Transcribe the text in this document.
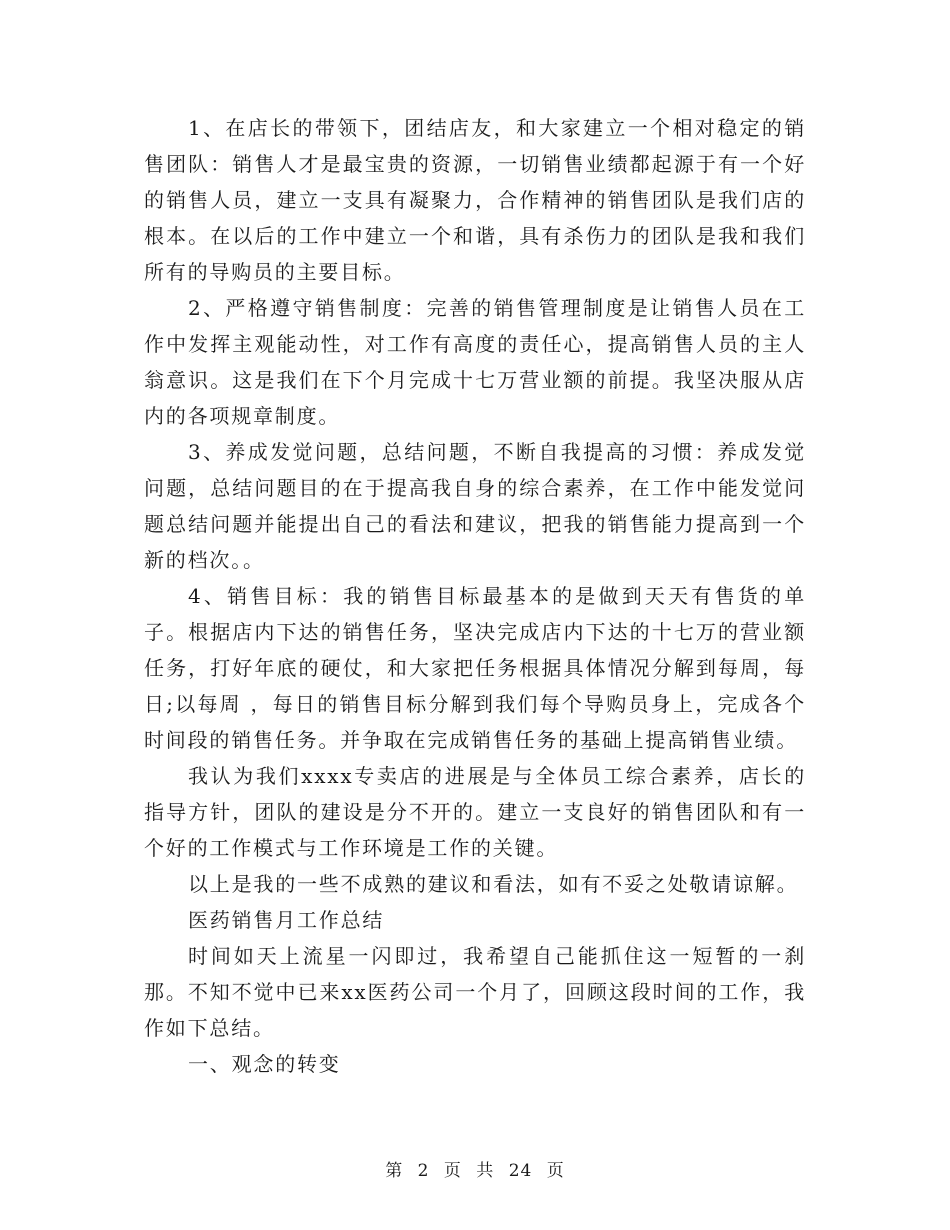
1、在店长的带领下，团结店友，和大家建立一个相对稳定的销售团队：销售人才是最宝贵的资源，一切销售业绩都起源于有一个好的销售人员，建立一支具有凝聚力，合作精神的销售团队是我们店的根本。在以后的工作中建立一个和谐，具有杀伤力的团队是我和我们所有的导购员的主要目标。

2、严格遵守销售制度：完善的销售管理制度是让销售人员在工作中发挥主观能动性，对工作有高度的责任心，提高销售人员的主人翁意识。这是我们在下个月完成十七万营业额的前提。我坚决服从店内的各项规章制度。

3、养成发觉问题，总结问题，不断自我提高的习惯：养成发觉问题，总结问题目的在于提高我自身的综合素养，在工作中能发觉问题总结问题并能提出自己的看法和建议，把我的销售能力提高到一个新的档次。。

4、销售目标：我的销售目标最基本的是做到天天有售货的单子。根据店内下达的销售任务，坚决完成店内下达的十七万的营业额任务，打好年底的硬仗，和大家把任务根据具体情况分解到每周，每日;以每周 ，每日的销售目标分解到我们每个导购员身上，完成各个时间段的销售任务。并争取在完成销售任务的基础上提高销售业绩。

我认为我们xxxx专卖店的进展是与全体员工综合素养，店长的指导方针，团队的建设是分不开的。建立一支良好的销售团队和有一个好的工作模式与工作环境是工作的关键。

以上是我的一些不成熟的建议和看法，如有不妥之处敬请谅解。

医药销售月工作总结

时间如天上流星一闪即过，我希望自己能抓住这一短暂的一刹那。不知不觉中已来xx医药公司一个月了，回顾这段时间的工作，我作如下总结。

一、观念的转变

第 2 页 共 24 页
